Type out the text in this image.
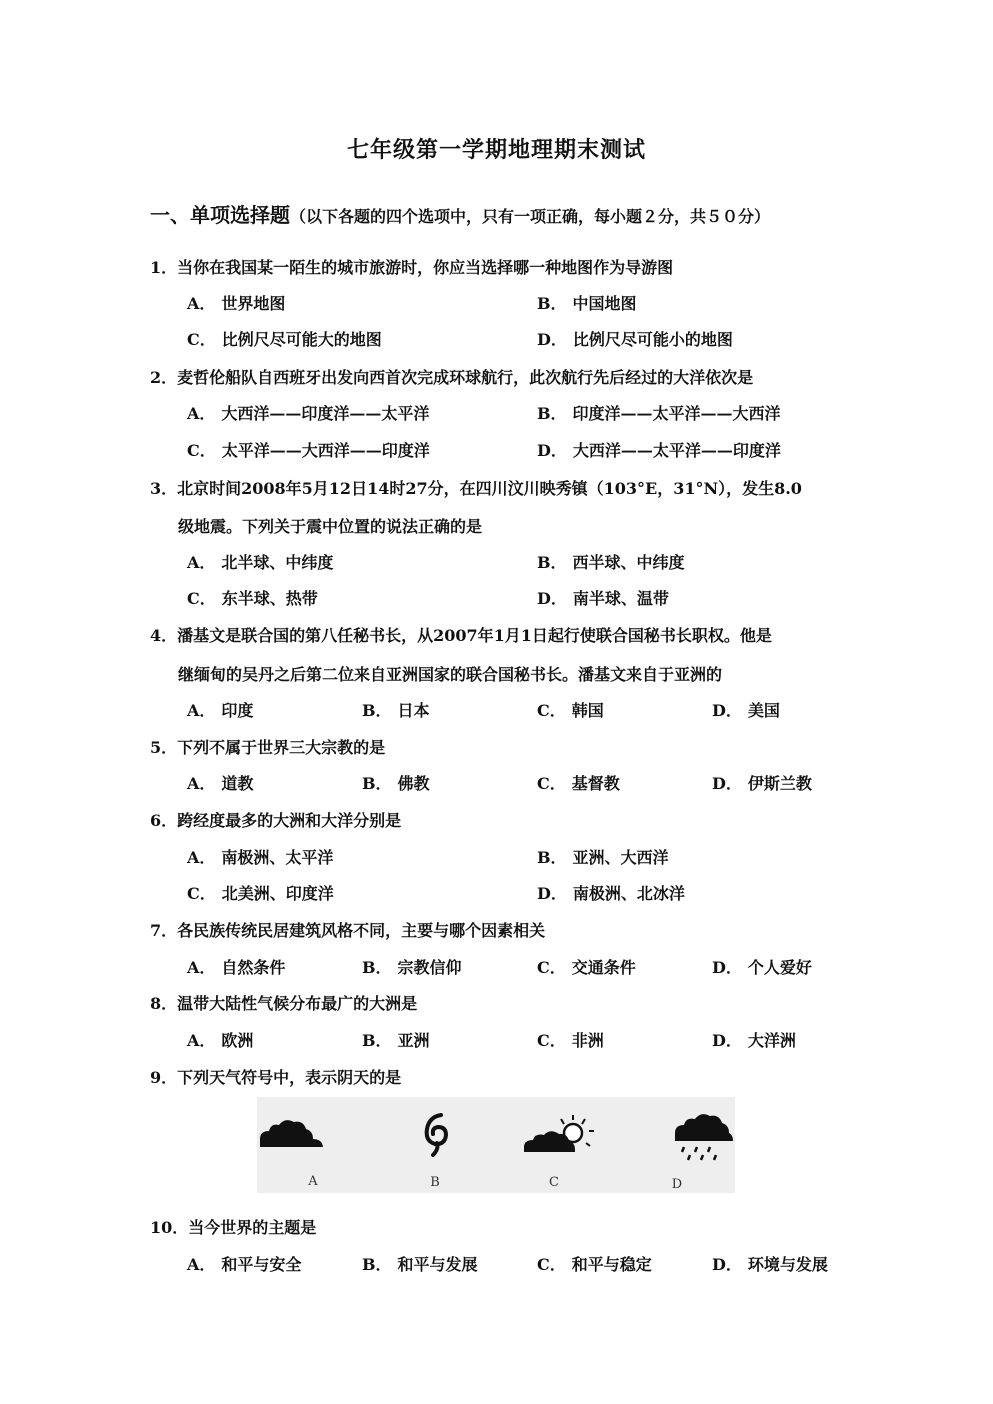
七年级第一学期地理期末测试
一、单项选择题（以下各题的四个选项中，只有一项正确，每小题２分，共５０分）
1．当你在我国某一陌生的城市旅游时，你应当选择哪一种地图作为导游图
A． 世界地图	B． 中国地图
C． 比例尺尽可能大的地图	D． 比例尺尽可能小的地图
2．麦哲伦船队自西班牙出发向西首次完成环球航行，此次航行先后经过的大洋依次是
A． 大西洋——印度洋——太平洋	B． 印度洋——太平洋——大西洋
C． 太平洋——大西洋——印度洋	D． 大西洋——太平洋——印度洋
3．北京时间2008年5月12日14时27分，在四川汶川映秀镇（103°E，31°N），发生8.0
级地震。下列关于震中位置的说法正确的是
A． 北半球、中纬度	B． 西半球、中纬度
C． 东半球、热带	D． 南半球、温带
4．潘基文是联合国的第八任秘书长，从2007年1月1日起行使联合国秘书长职权。他是
继缅甸的吴丹之后第二位来自亚洲国家的联合国秘书长。潘基文来自于亚洲的
A． 印度	B． 日本	C． 韩国	D． 美国
5．下列不属于世界三大宗教的是
A． 道教	B． 佛教	C． 基督教	D． 伊斯兰教
6．跨经度最多的大洲和大洋分别是
A． 南极洲、太平洋	B． 亚洲、大西洋
C． 北美洲、印度洋	D． 南极洲、北冰洋
7．各民族传统民居建筑风格不同，主要与哪个因素相关
A． 自然条件	B． 宗教信仰	C． 交通条件	D． 个人爱好
8．温带大陆性气候分布最广的大洲是
A． 欧洲	B． 亚洲	C． 非洲	D． 大洋洲
9．下列天气符号中，表示阴天的是
A	B	C	D
10．当今世界的主题是
A． 和平与安全	B． 和平与发展	C． 和平与稳定	D． 环境与发展
